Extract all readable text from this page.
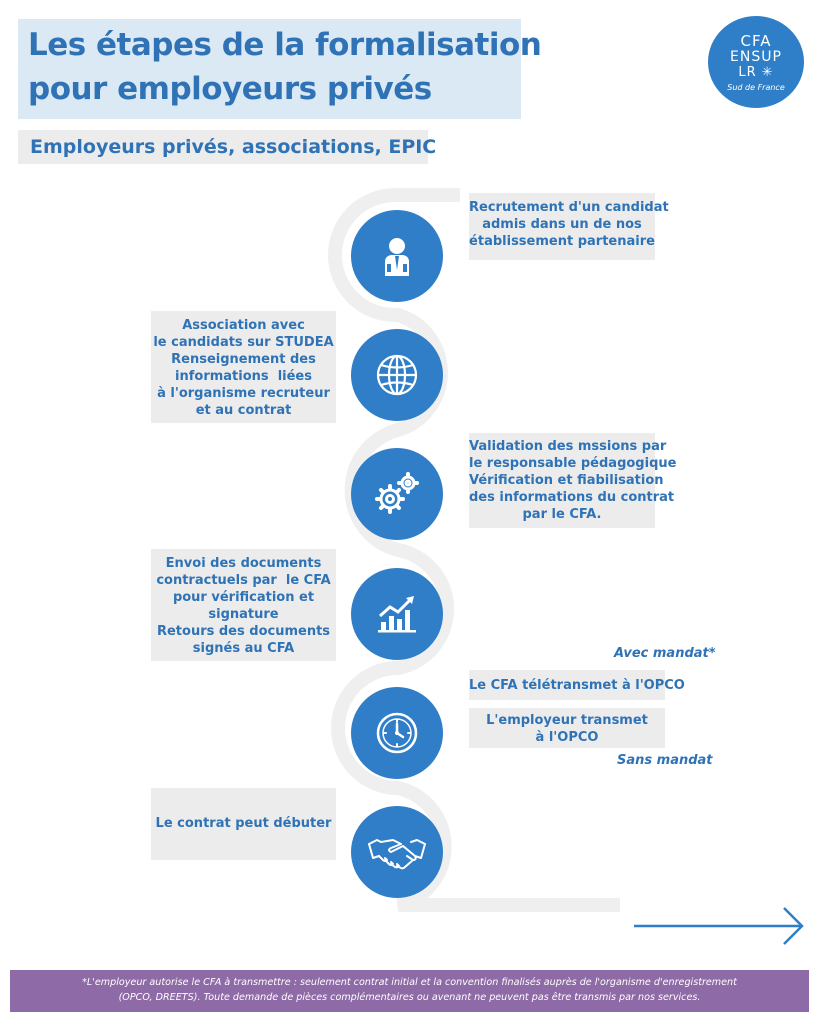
Les étapes de la formalisation
pour employeurs privés
Employeurs privés, associations, EPIC
CFA
ENSUP
LR ✳
Sud de France
Recrutement d'un candidat
admis dans un de nos
établissement partenaire
Association avec
le candidats sur STUDEA
Renseignement des
informations  liées
à l'organisme recruteur
et au contrat
Validation des mssions par
le responsable pédagogique
Vérification et fiabilisation
des informations du contrat
par le CFA.
Envoi des documents
contractuels par  le CFA
pour vérification et
signature
Retours des documents
signés au CFA	Avec mandat*
Le CFA télétransmet à l'OPCO
L'employeur transmet
à l'OPCO
Sans mandat
Le contrat peut débuter
*L'employeur autorise le CFA à transmettre : seulement contrat initial et la convention finalisés auprès de l'organisme d'enregistrement
(OPCO, DREETS). Toute demande de pièces complémentaires ou avenant ne peuvent pas être transmis par nos services.
